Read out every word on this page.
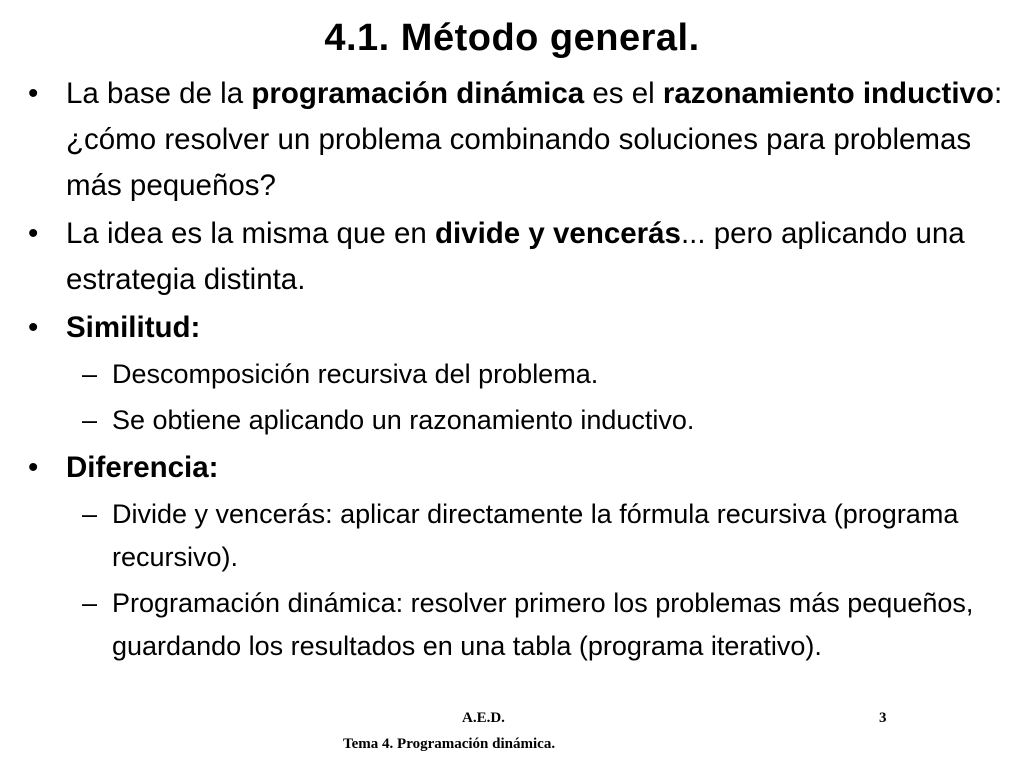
4.1. Método general.
• La base de la programación dinámica es el razonamiento inductivo: ¿cómo resolver un problema combinando soluciones para problemas más pequeños?
• La idea es la misma que en divide y vencerás... pero aplicando una estrategia distinta.
• Similitud:
– Descomposición recursiva del problema.
– Se obtiene aplicando un razonamiento inductivo.
• Diferencia:
– Divide y vencerás: aplicar directamente la fórmula recursiva (programa recursivo).
– Programación dinámica: resolver primero los problemas más pequeños, guardando los resultados en una tabla (programa iterativo).
A.E.D.	3
Tema 4. Programación dinámica.
